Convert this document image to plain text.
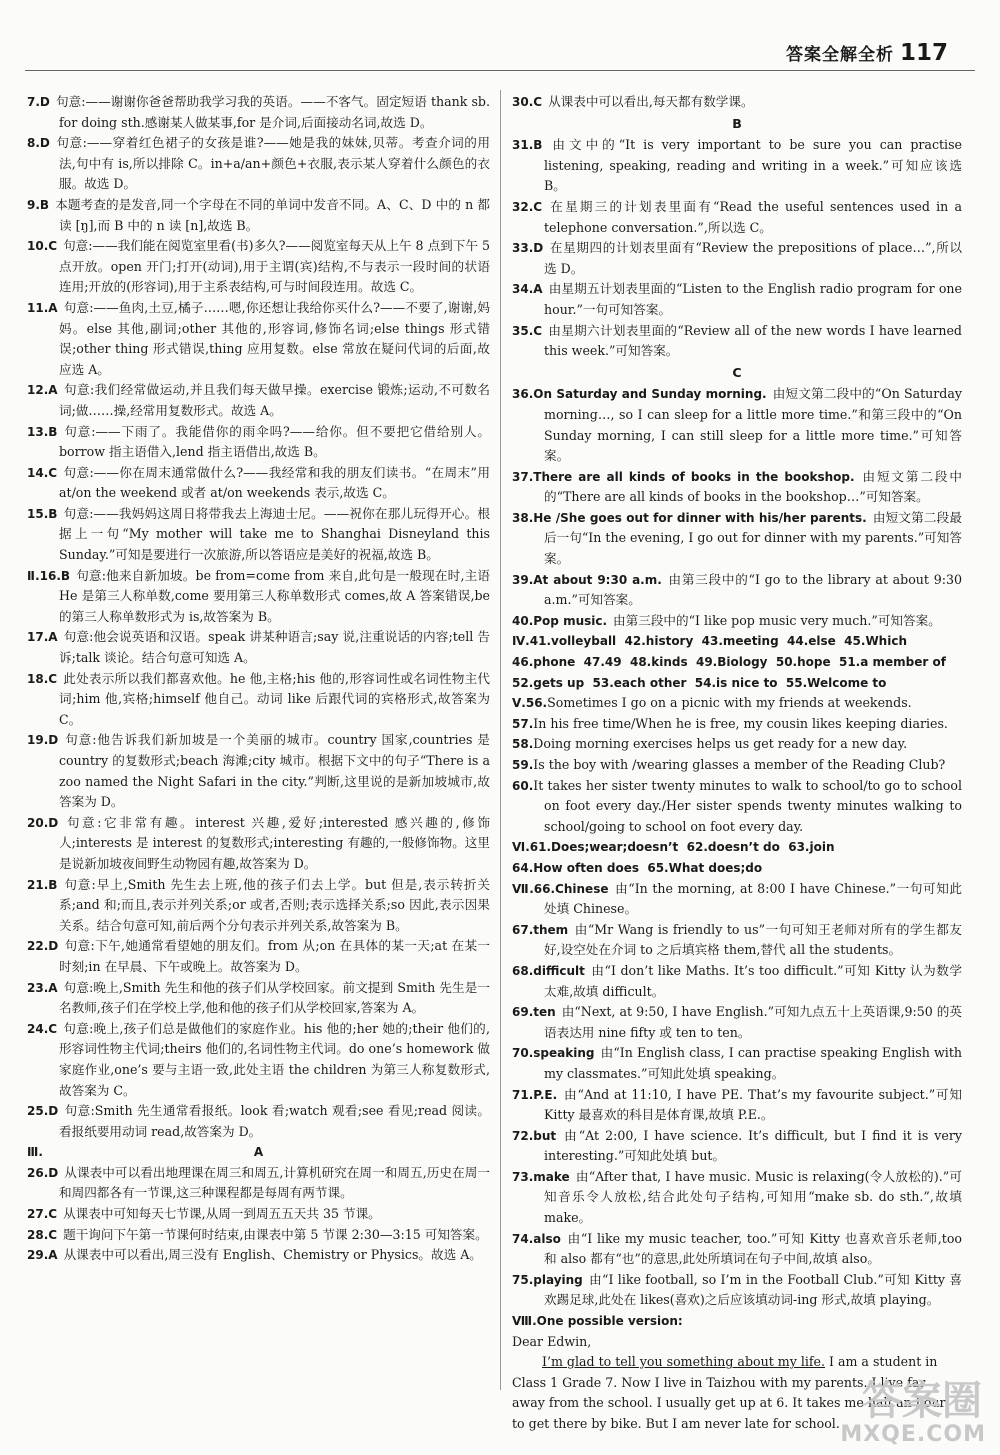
答案全解全析 117

7.D 句意:——谢谢你爸爸帮助我学习我的英语。——不客气。固定短语 thank sb. for doing sth.感谢某人做某事,for 是介词,后面接动名词,故选 D。

8.D 句意:——穿着红色裙子的女孩是谁?——她是我的妹妹,贝蒂。考查介词的用法,句中有 is,所以排除 C。in+a/an+颜色+衣服,表示某人穿着什么颜色的衣服。故选 D。

9.B 本题考查的是发音,同一个字母在不同的单词中发音不同。A、C、D 中的 n 都读 [ŋ],而 B 中的 n 读 [n],故选 B。

10.C 句意:——我们能在阅览室里看(书)多久?——阅览室每天从上午 8 点到下午 5 点开放。open 开门;打开(动词),用于主谓(宾)结构,不与表示一段时间的状语连用;开放的(形容词),用于主系表结构,可与时间段连用。故选 C。

11.A 句意:——鱼肉,土豆,橘子……嗯,你还想让我给你买什么?——不要了,谢谢,妈妈。else 其他,副词;other 其他的,形容词,修饰名词;else things 形式错误;other thing 形式错误,thing 应用复数。else 常放在疑问代词的后面,故应选 A。

12.A 句意:我们经常做运动,并且我们每天做早操。exercise 锻炼;运动,不可数名词;做……操,经常用复数形式。故选 A。

13.B 句意:——下雨了。我能借你的雨伞吗?——给你。但不要把它借给别人。borrow 指主语借入,lend 指主语借出,故选 B。

14.C 句意:——你在周末通常做什么?——我经常和我的朋友们读书。“在周末”用 at/on the weekend 或者 at/on weekends 表示,故选 C。

15.B 句意:——我妈妈这周日将带我去上海迪士尼。——祝你在那儿玩得开心。根据上一句“My mother will take me to Shanghai Disneyland this Sunday.”可知是要进行一次旅游,所以答语应是美好的祝福,故选 B。

Ⅱ.16.B 句意:他来自新加坡。be from=come from 来自,此句是一般现在时,主语 He 是第三人称单数,come 要用第三人称单数形式 comes,故 A 答案错误,be 的第三人称单数形式为 is,故答案为 B。

17.A 句意:他会说英语和汉语。speak 讲某种语言;say 说,注重说话的内容;tell 告诉;talk 谈论。结合句意可知选 A。

18.C 此处表示所以我们都喜欢他。he 他,主格;his 他的,形容词性或名词性物主代词;him 他,宾格;himself 他自己。动词 like 后跟代词的宾格形式,故答案为 C。

19.D 句意:他告诉我们新加坡是一个美丽的城市。country 国家,countries 是 country 的复数形式;beach 海滩;city 城市。根据下文中的句子“There is a zoo named the Night Safari in the city.”判断,这里说的是新加坡城市,故答案为 D。

20.D 句意:它非常有趣。interest 兴趣,爱好;interested 感兴趣的,修饰人;interests 是 interest 的复数形式;interesting 有趣的,一般修饰物。这里是说新加坡夜间野生动物园有趣,故答案为 D。

21.B 句意:早上,Smith 先生去上班,他的孩子们去上学。but 但是,表示转折关系;and 和;而且,表示并列关系;or 或者,否则;表示选择关系;so 因此,表示因果关系。结合句意可知,前后两个分句表示并列关系,故答案为 B。

22.D 句意:下午,她通常看望她的朋友们。from 从;on 在具体的某一天;at 在某一时刻;in 在早晨、下午或晚上。故答案为 D。

23.A 句意:晚上,Smith 先生和他的孩子们从学校回家。前文提到 Smith 先生是一名教师,孩子们在学校上学,他和他的孩子们从学校回家,答案为 A。

24.C 句意:晚上,孩子们总是做他们的家庭作业。his 他的;her 她的;their 他们的,形容词性物主代词;theirs 他们的,名词性物主代词。do one’s homework 做家庭作业,one’s 要与主语一致,此处主语 the children 为第三人称复数形式,故答案为 C。

25.D 句意:Smith 先生通常看报纸。look 看;watch 观看;see 看见;read 阅读。看报纸要用动词 read,故答案为 D。

Ⅲ.	A

26.D 从课表中可以看出地理课在周三和周五,计算机研究在周一和周五,历史在周一和周四都各有一节课,这三种课程都是每周有两节课。

27.C 从课表中可知每天七节课,从周一到周五五天共 35 节课。

28.C 题干询问下午第一节课何时结束,由课表中第 5 节课 2:30—3:15 可知答案。

29.A 从课表中可以看出,周三没有 English、Chemistry or Physics。故选 A。

30.C 从课表中可以看出,每天都有数学课。

B

31.B 由文中的“It is very important to be sure you can practise listening, speaking, reading and writing in a week.”可知应该选 B。

32.C 在星期三的计划表里面有“Read the useful sentences used in a telephone conversation.”,所以选 C。

33.D 在星期四的计划表里面有“Review the prepositions of place…”,所以选 D。

34.A 由星期五计划表里面的“Listen to the English radio program for one hour.”一句可知答案。

35.C 由星期六计划表里面的“Review all of the new words I have learned this week.”可知答案。

C

36.On Saturday and Sunday morning. 由短文第二段中的“On Saturday morning…, so I can sleep for a little more time.”和第三段中的“On Sunday morning, I can still sleep for a little more time.”可知答案。

37.There are all kinds of books in the bookshop. 由短文第二段中的“There are all kinds of books in the bookshop…”可知答案。

38.He /She goes out for dinner with his/her parents. 由短文第二段最后一句“In the evening, I go out for dinner with my parents.”可知答案。

39.At about 9:30 a.m. 由第三段中的“I go to the library at about 9:30 a.m.”可知答案。

40.Pop music. 由第三段中的“I like pop music very much.”可知答案。

Ⅳ.41.volleyball  42.history  43.meeting  44.else  45.Which
46.phone  47.49  48.kinds  49.Biology  50.hope  51.a member of
52.gets up  53.each other  54.is nice to  55.Welcome to

Ⅴ.56.Sometimes I go on a picnic with my friends at weekends.

57.In his free time/When he is free, my cousin likes keeping diaries.

58.Doing morning exercises helps us get ready for a new day.

59.Is the boy with /wearing glasses a member of the Reading Club?

60.It takes her sister twenty minutes to walk to school/to go to school on foot every day./Her sister spends twenty minutes walking to school/going to school on foot every day.

Ⅵ.61.Does;wear;doesn’t  62.doesn’t do  63.join
64.How often does  65.What does;do

Ⅶ.66.Chinese 由“In the morning, at 8:00 I have Chinese.”一句可知此处填 Chinese。

67.them 由“Mr Wang is friendly to us”一句可知王老师对所有的学生都友好,设空处在介词 to 之后填宾格 them,替代 all the students。

68.difficult 由“I don’t like Maths. It’s too difficult.”可知 Kitty 认为数学太难,故填 difficult。

69.ten 由“Next, at 9:50, I have English.”可知九点五十上英语课,9:50 的英语表达用 nine fifty 或 ten to ten。

70.speaking 由“In English class, I can practise speaking English with my classmates.”可知此处填 speaking。

71.P.E. 由“And at 11:10, I have PE. That’s my favourite subject.”可知 Kitty 最喜欢的科目是体育课,故填 P.E.。

72.but 由“At 2:00, I have science. It’s difficult, but I find it is very interesting.”可知此处填 but。

73.make 由“After that, I have music. Music is relaxing(令人放松的).”可知音乐令人放松,结合此处句子结构,可知用“make sb. do sth.”,故填 make。

74.also 由“I like my music teacher, too.”可知 Kitty 也喜欢音乐老师,too 和 also 都有“也”的意思,此处所填词在句子中间,故填 also。

75.playing 由“I like football, so I’m in the Football Club.”可知 Kitty 喜欢踢足球,此处在 likes(喜欢)之后应该填动词-ing 形式,故填 playing。

Ⅷ.One possible version:
Dear Edwin,

I’m glad to tell you something about my life. I am a student in Class 1 Grade 7. Now I live in Taizhou with my parents. I live far away from the school. I usually get up at 6. It takes me half an hour to get there by bike. But I am never late for school. 答案圈
MXQE.COM
